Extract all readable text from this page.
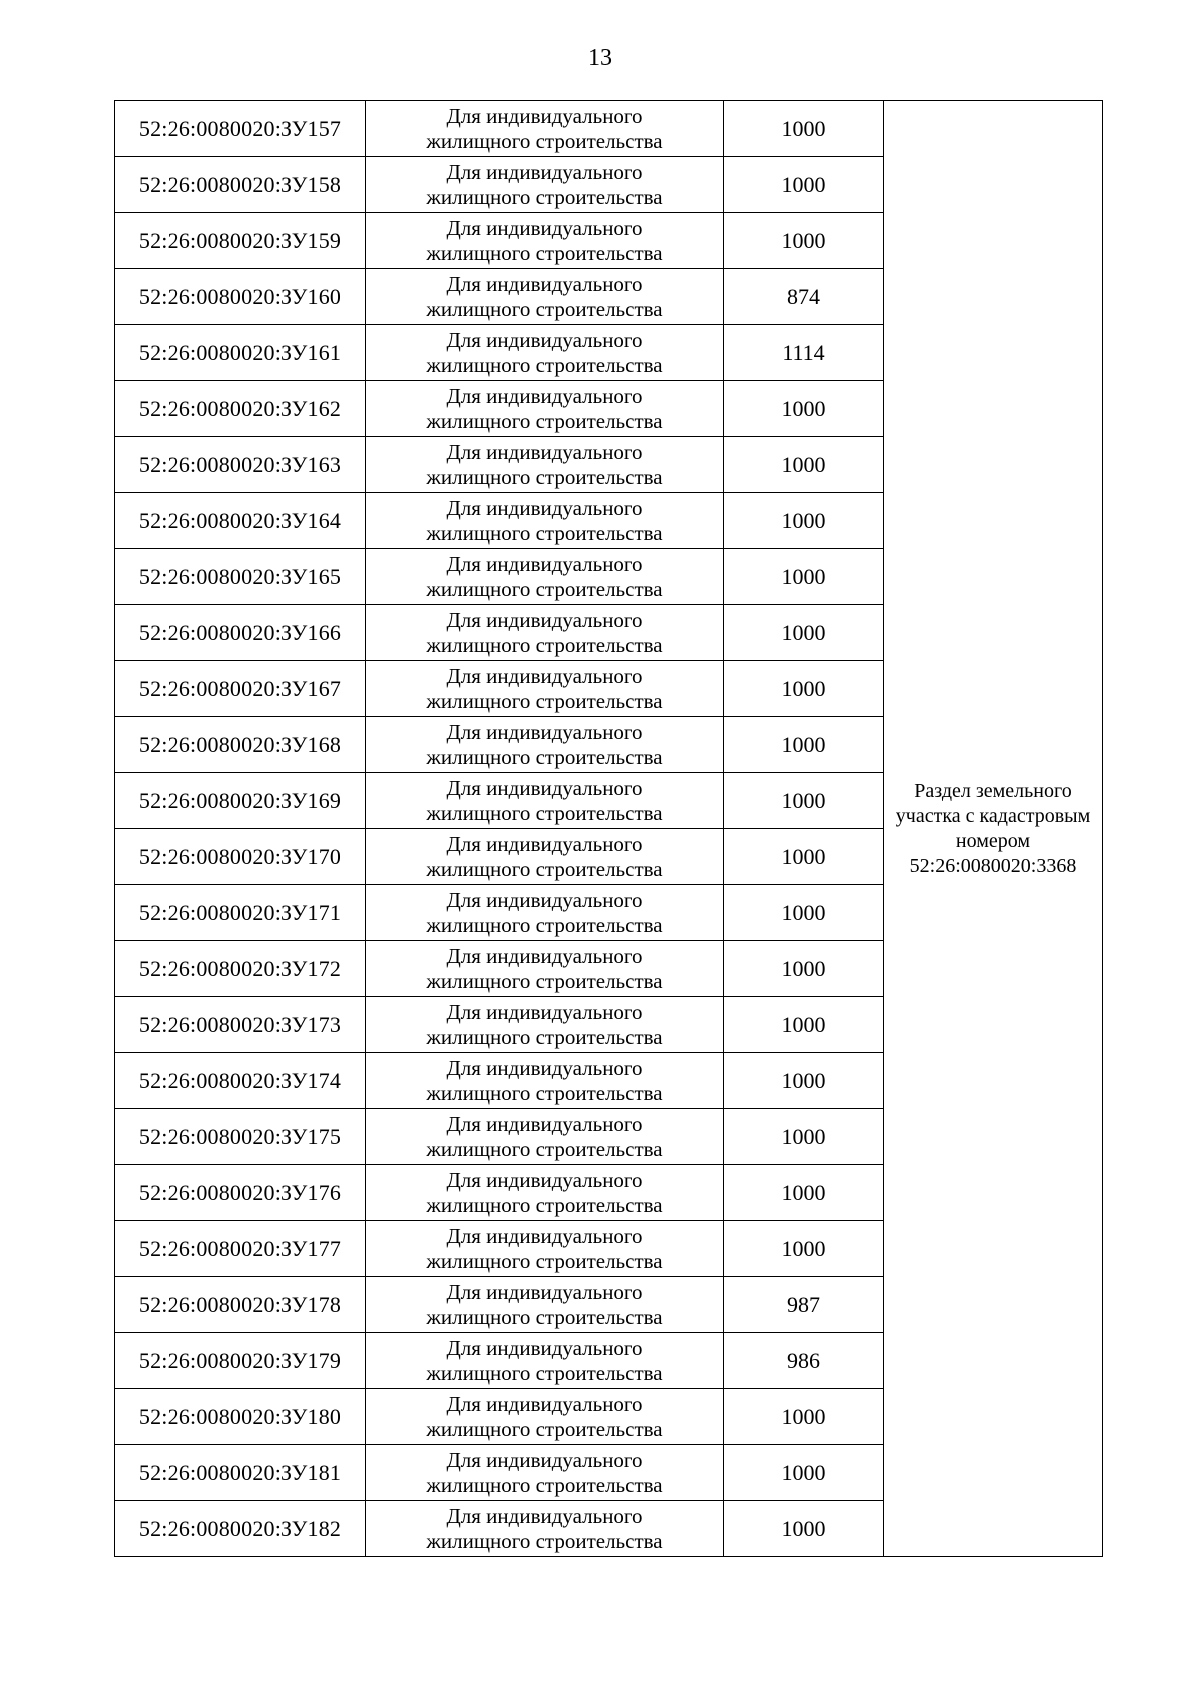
13
52:26:0080020:ЗУ157	Для индивидуального
жилищного строительства	1000	Раздел земельного участка с кадастровым номером 52:26:0080020:3368
52:26:0080020:ЗУ158	Для индивидуального
жилищного строительства	1000	
52:26:0080020:ЗУ159	Для индивидуального
жилищного строительства	1000	
52:26:0080020:ЗУ160	Для индивидуального
жилищного строительства	874	
52:26:0080020:ЗУ161	Для индивидуального
жилищного строительства	1114	
52:26:0080020:ЗУ162	Для индивидуального
жилищного строительства	1000	
52:26:0080020:ЗУ163	Для индивидуального
жилищного строительства	1000	
52:26:0080020:ЗУ164	Для индивидуального
жилищного строительства	1000	
52:26:0080020:ЗУ165	Для индивидуального
жилищного строительства	1000	
52:26:0080020:ЗУ166	Для индивидуального
жилищного строительства	1000	
52:26:0080020:ЗУ167	Для индивидуального
жилищного строительства	1000	
52:26:0080020:ЗУ168	Для индивидуального
жилищного строительства	1000	
52:26:0080020:ЗУ169	Для индивидуального
жилищного строительства	1000	
52:26:0080020:ЗУ170	Для индивидуального
жилищного строительства	1000	
52:26:0080020:ЗУ171	Для индивидуального
жилищного строительства	1000	
52:26:0080020:ЗУ172	Для индивидуального
жилищного строительства	1000	
52:26:0080020:ЗУ173	Для индивидуального
жилищного строительства	1000	
52:26:0080020:ЗУ174	Для индивидуального
жилищного строительства	1000	
52:26:0080020:ЗУ175	Для индивидуального
жилищного строительства	1000	
52:26:0080020:ЗУ176	Для индивидуального
жилищного строительства	1000	
52:26:0080020:ЗУ177	Для индивидуального
жилищного строительства	1000	
52:26:0080020:ЗУ178	Для индивидуального
жилищного строительства	987	
52:26:0080020:ЗУ179	Для индивидуального
жилищного строительства	986	
52:26:0080020:ЗУ180	Для индивидуального
жилищного строительства	1000	
52:26:0080020:ЗУ181	Для индивидуального
жилищного строительства	1000	
52:26:0080020:ЗУ182	Для индивидуального
жилищного строительства	1000	
